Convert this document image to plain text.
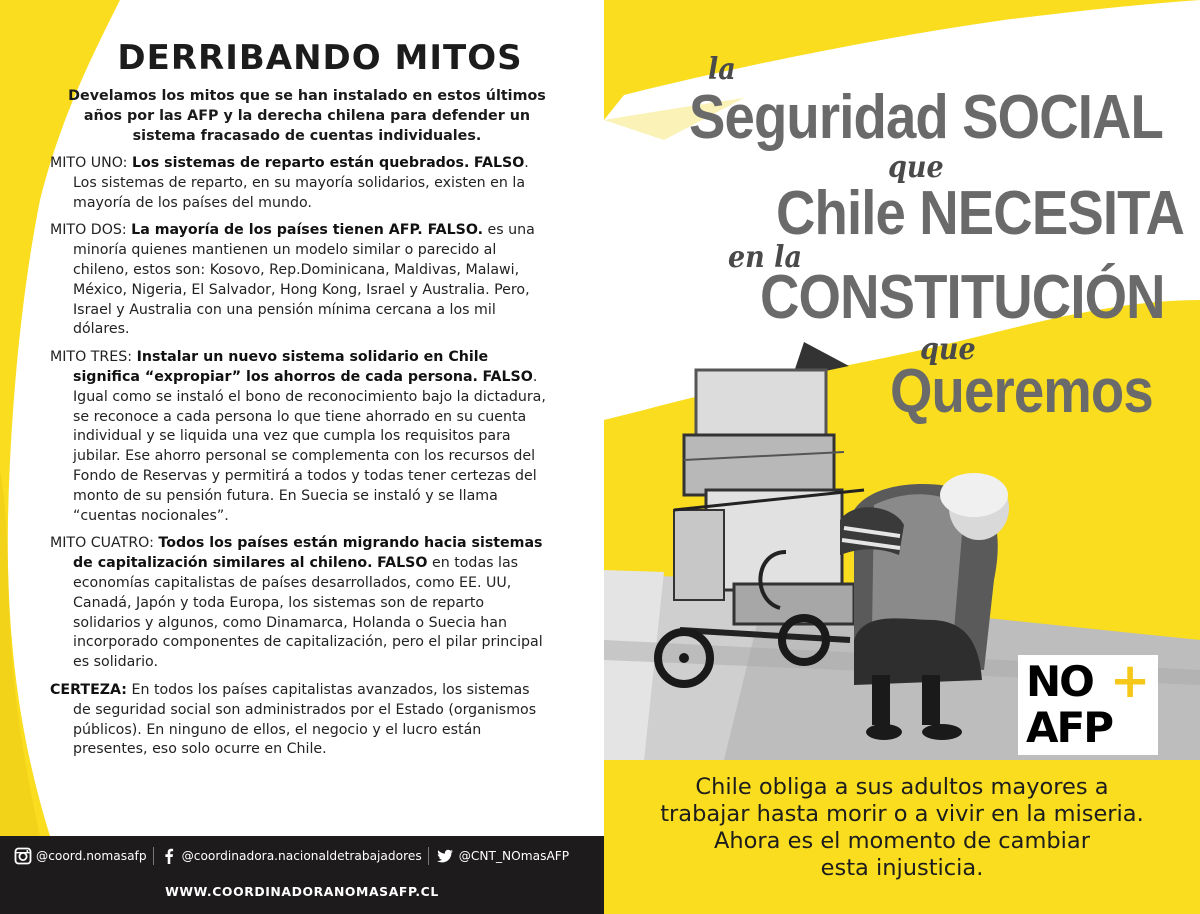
DERRIBANDO MITOS

Develamos los mitos que se han instalado en estos últimos años por las AFP y la derecha chilena para defender un sistema fracasado de cuentas individuales.

MITO UNO: Los sistemas de reparto están quebrados. FALSO. Los sistemas de reparto, en su mayoría solidarios, existen en la mayoría de los países del mundo.

MITO DOS: La mayoría de los países tienen AFP. FALSO. es una minoría quienes mantienen un modelo similar o parecido al chileno, estos son: Kosovo, Rep.Dominicana, Maldivas, Malawi, México, Nigeria, El Salvador, Hong Kong, Israel y Australia. Pero, Israel y Australia con una pensión mínima cercana a los mil dólares.

MITO TRES: Instalar un nuevo sistema solidario en Chile significa “expropiar” los ahorros de cada persona. FALSO. Igual como se instaló el bono de reconocimiento bajo la dictadura, se reconoce a cada persona lo que tiene ahorrado en su cuenta individual y se liquida una vez que cumpla los requisitos para jubilar. Ese ahorro personal se complementa con los recursos del Fondo de Reservas y permitirá a todos y todas tener certezas del monto de su pensión futura. En Suecia se instaló y se llama “cuentas nocionales”.

MITO CUATRO: Todos los países están migrando hacia sistemas de capitalización similares al chileno. FALSO en todas las economías capitalistas de países desarrollados, como EE. UU, Canadá, Japón y toda Europa, los sistemas son de reparto solidarios y algunos, como Dinamarca, Holanda o Suecia han incorporado componentes de capitalización, pero el pilar principal es solidario.

CERTEZA: En todos los países capitalistas avanzados, los sistemas de seguridad social son administrados por el Estado (organismos públicos). En ninguno de ellos, el negocio y el lucro están presentes, eso solo ocurre en Chile.

@coord.nomasafp	@coordinadora.nacionaldetrabajadores	@CNT_NOmasAFP
WWW.COORDINADORANOMASAFP.CL
la
Seguridad SOCIAL
que
Chile NECESITA
en la
CONSTITUCIÓN
que
Queremos
NO +
AFP
Chile obliga a sus adultos mayores a
trabajar hasta morir o a vivir en la miseria.
Ahora es el momento de cambiar
esta injusticia.
